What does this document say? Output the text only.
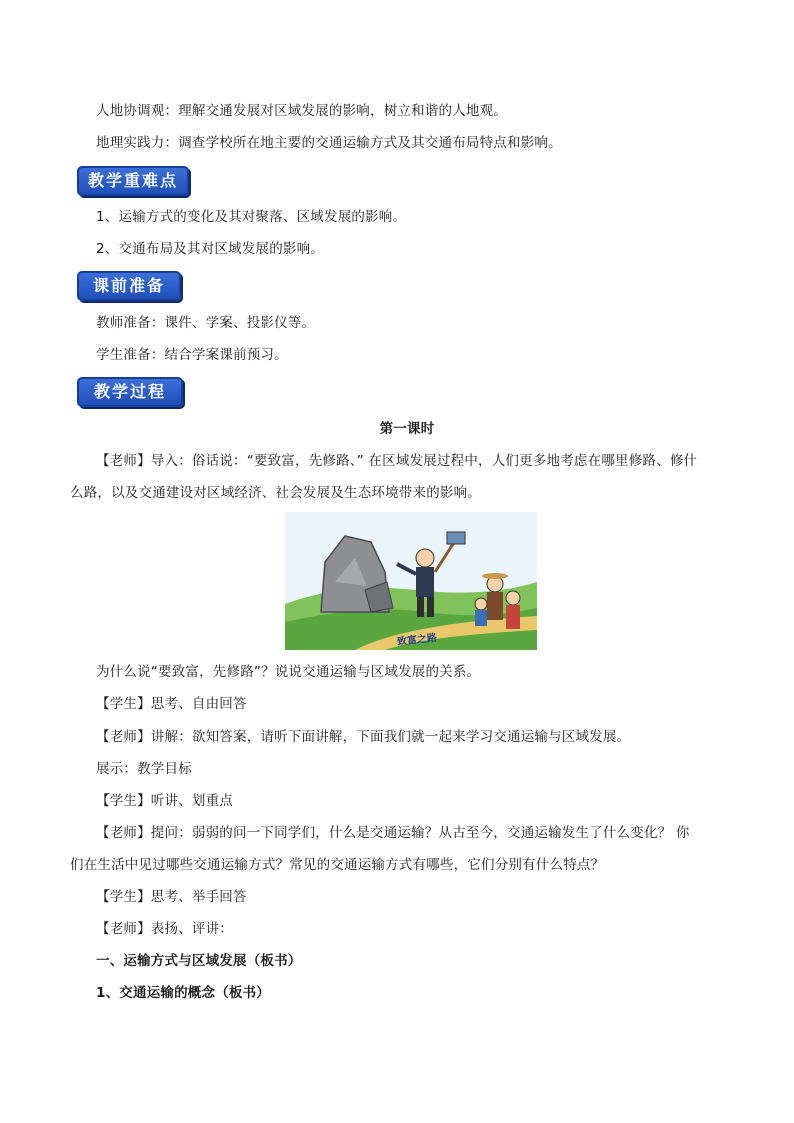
人地协调观：理解交通发展对区域发展的影响，树立和谐的人地观。
地理实践力：调查学校所在地主要的交通运输方式及其交通布局特点和影响。
教学重难点
1、运输方式的变化及其对聚落、区域发展的影响。
2、交通布局及其对区域发展的影响。
课前准备
教师准备：课件、学案、投影仪等。
学生准备：结合学案课前预习。
教学过程
第一课时
【老师】导入：俗话说：“要致富，先修路、” 在区域发展过程中，人们更多地考虑在哪里修路、修什
么路，以及交通建设对区域经济、社会发展及生态环境带来的影响。
致富之路
为什么说“要致富，先修路”？说说交通运输与区域发展的关系。
【学生】思考、自由回答
【老师】讲解：欲知答案，请听下面讲解，下面我们就一起来学习交通运输与区域发展。
展示：教学目标
【学生】听讲、划重点
【老师】提问：弱弱的问一下同学们，什么是交通运输？从古至今，交通运输发生了什么变化？ 你
们在生活中见过哪些交通运输方式？常见的交通运输方式有哪些，它们分别有什么特点？
【学生】思考、举手回答
【老师】表扬、评讲：
一、运输方式与区域发展（板书）
1、交通运输的概念（板书）
